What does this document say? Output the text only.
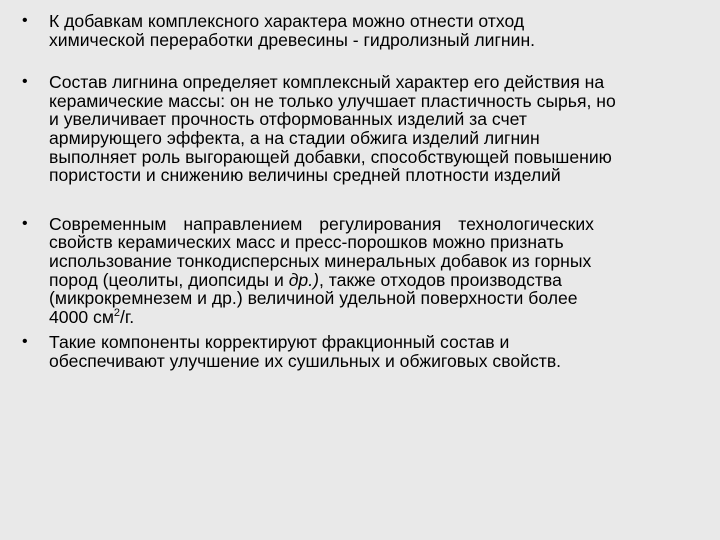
• К добавкам комплексного характера можно отнести отход
химической переработки древесины - гидролизный лигнин.
• Состав лигнина определяет комплексный характер его действия на
керамические массы: он не только улучшает пластичность сырья, но
и увеличивает прочность отформованных изделий за счет
армирующего эффекта, а на стадии обжига изделий лигнин
выполняет роль выгорающей добавки, способствующей повышению
пористости и снижению величины средней плотности изделий
• Современным направлением регулирования технологических
свойств керамических масс и пресс-порошков можно признать
использование тонкодисперсных минеральных добавок из горных
пород (цеолиты, диопсиды и др.), также отходов производства
(микрокремнезем и др.) величиной удельной поверхности более
4000 $см^2/г$.
• Такие компоненты корректируют фракционный состав и
обеспечивают улучшение их сушильных и обжиговых свойств.
